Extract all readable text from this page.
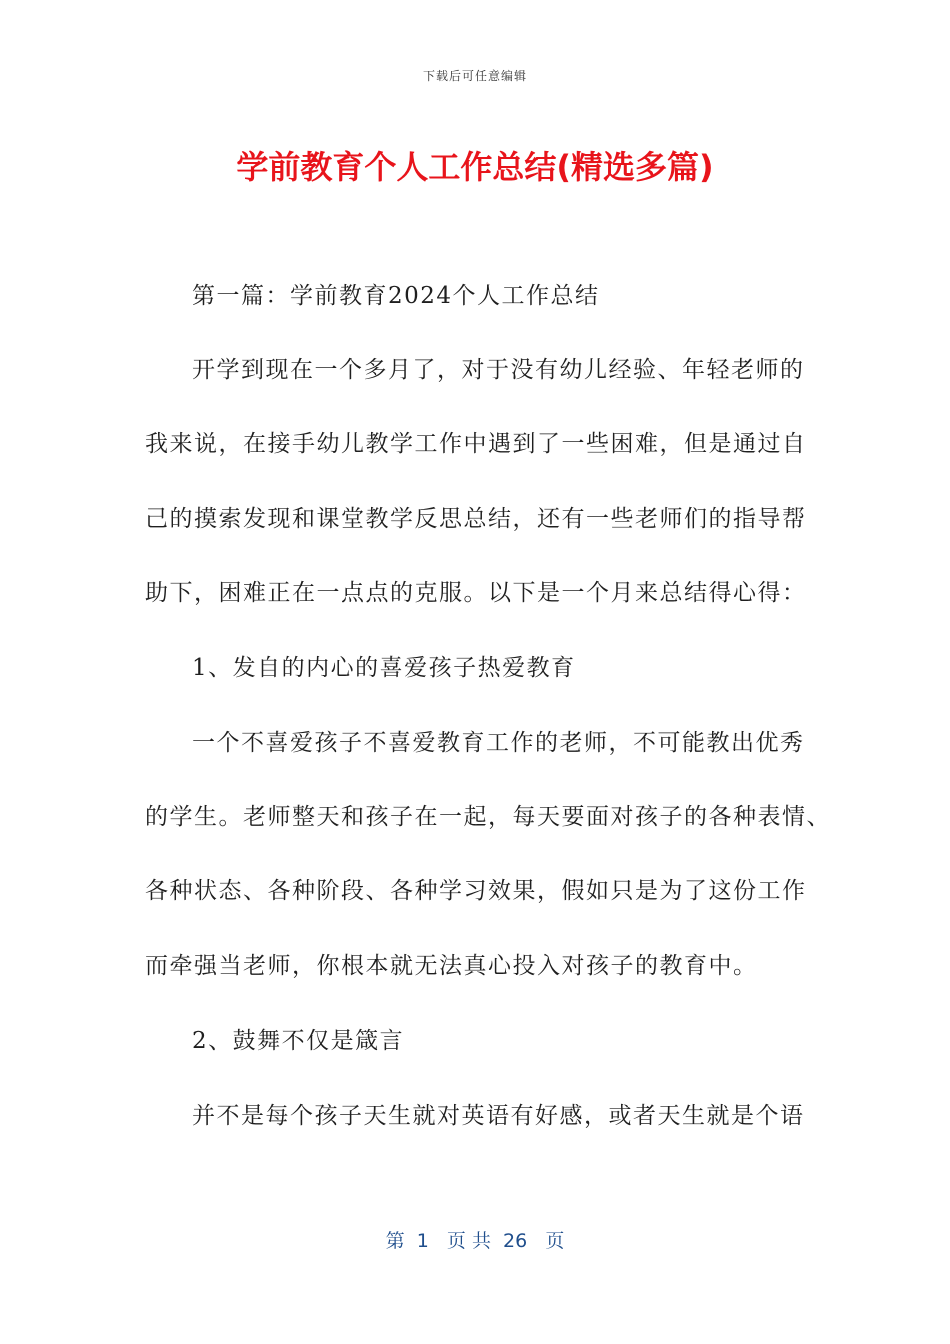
下载后可任意编辑
学前教育个人工作总结(精选多篇)
第一篇：学前教育2024个人工作总结
开学到现在一个多月了，对于没有幼儿经验、年轻老师的
我来说，在接手幼儿教学工作中遇到了一些困难，但是通过自
己的摸索发现和课堂教学反思总结，还有一些老师们的指导帮
助下，困难正在一点点的克服。以下是一个月来总结得心得：
1、发自的内心的喜爱孩子热爱教育
一个不喜爱孩子不喜爱教育工作的老师，不可能教出优秀
的学生。老师整天和孩子在一起，每天要面对孩子的各种表情、
各种状态、各种阶段、各种学习效果，假如只是为了这份工作
而牵强当老师，你根本就无法真心投入对孩子的教育中。
2、鼓舞不仅是箴言
并不是每个孩子天生就对英语有好感，或者天生就是个语
第  1   页 共  26   页
